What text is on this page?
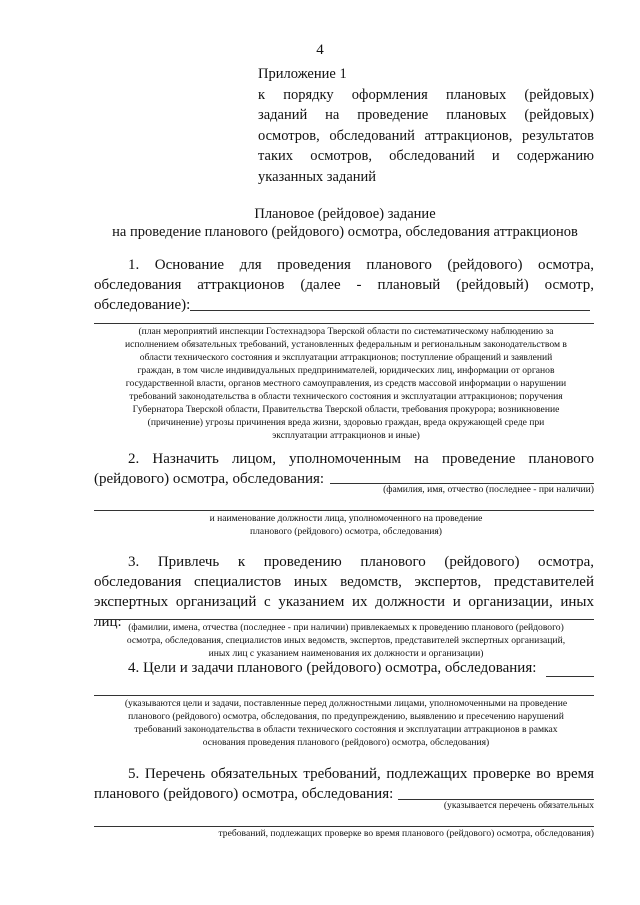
4
Приложение 1
к порядку оформления плановых (рейдовых)
заданий на проведение плановых (рейдовых)
осмотров, обследований аттракционов, результатов
таких осмотров, обследований и содержанию
указанных заданий
Плановое (рейдовое) задание
на проведение планового (рейдового) осмотра, обследования аттракционов
1. Основание для проведения планового (рейдового) осмотра,
обследования аттракционов (далее - плановый (рейдовый) осмотр,
обследование):
(план мероприятий инспекции Гостехнадзора Тверской области по систематическому наблюдению за
исполнением обязательных требований, установленных федеральным и региональным законодательством в
области технического состояния и эксплуатации аттракционов; поступление обращений и заявлений
граждан, в том числе индивидуальных предпринимателей, юридических лиц, информации от органов
государственной власти, органов местного самоуправления, из средств массовой информации о нарушении
требований законодательства в области технического состояния и эксплуатации аттракционов; поручения
Губернатора Тверской области, Правительства Тверской области, требования прокурора; возникновение
(причинение) угрозы причинения вреда жизни, здоровью граждан, вреда окружающей среде при
эксплуатации аттракционов и иные)
2. Назначить лицом, уполномоченным на проведение планового
(рейдового) осмотра, обследования:
(фамилия, имя, отчество (последнее - при наличии)
и наименование должности лица, уполномоченного на проведение
планового (рейдового) осмотра, обследования)
3. Привлечь к проведению планового (рейдового) осмотра,
обследования специалистов иных ведомств, экспертов, представителей
экспертных организаций с указанием их должности и организации, иных лиц: (фамилии, имена, отчества (последнее - при наличии) привлекаемых к проведению планового (рейдового)
осмотра, обследования, специалистов иных ведомств, экспертов, представителей экспертных организаций,
иных лиц с указанием наименования их должности и организации)
4. Цели и задачи планового (рейдового) осмотра, обследования:
(указываются цели и задачи, поставленные перед должностными лицами, уполномоченными на проведение
планового (рейдового) осмотра, обследования, по предупреждению, выявлению и пресечению нарушений
требований законодательства в области технического состояния и эксплуатации аттракционов в рамках
основания проведения планового (рейдового) осмотра, обследования)
5. Перечень обязательных требований, подлежащих проверке во время
планового (рейдового) осмотра, обследования:
(указывается перечень обязательных
требований, подлежащих проверке во время планового (рейдового) осмотра, обследования)
